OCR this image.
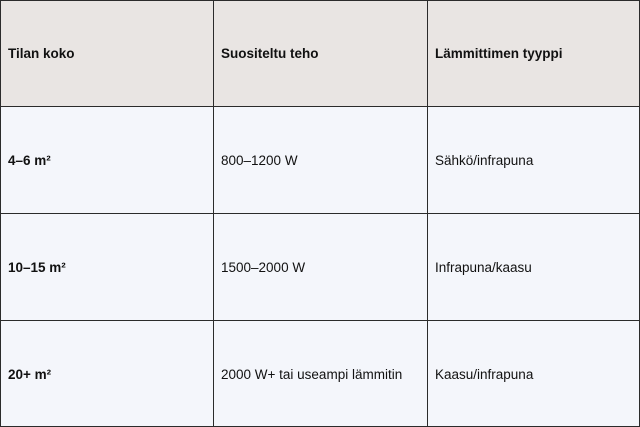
Tilan koko	Suositeltu teho	Lämmittimen tyyppi
4–6 m²	800–1200 W	Sähkö/infrapuna
10–15 m²	1500–2000 W	Infrapuna/kaasu
20+ m²	2000 W+ tai useampi lämmitin	Kaasu/infrapuna
